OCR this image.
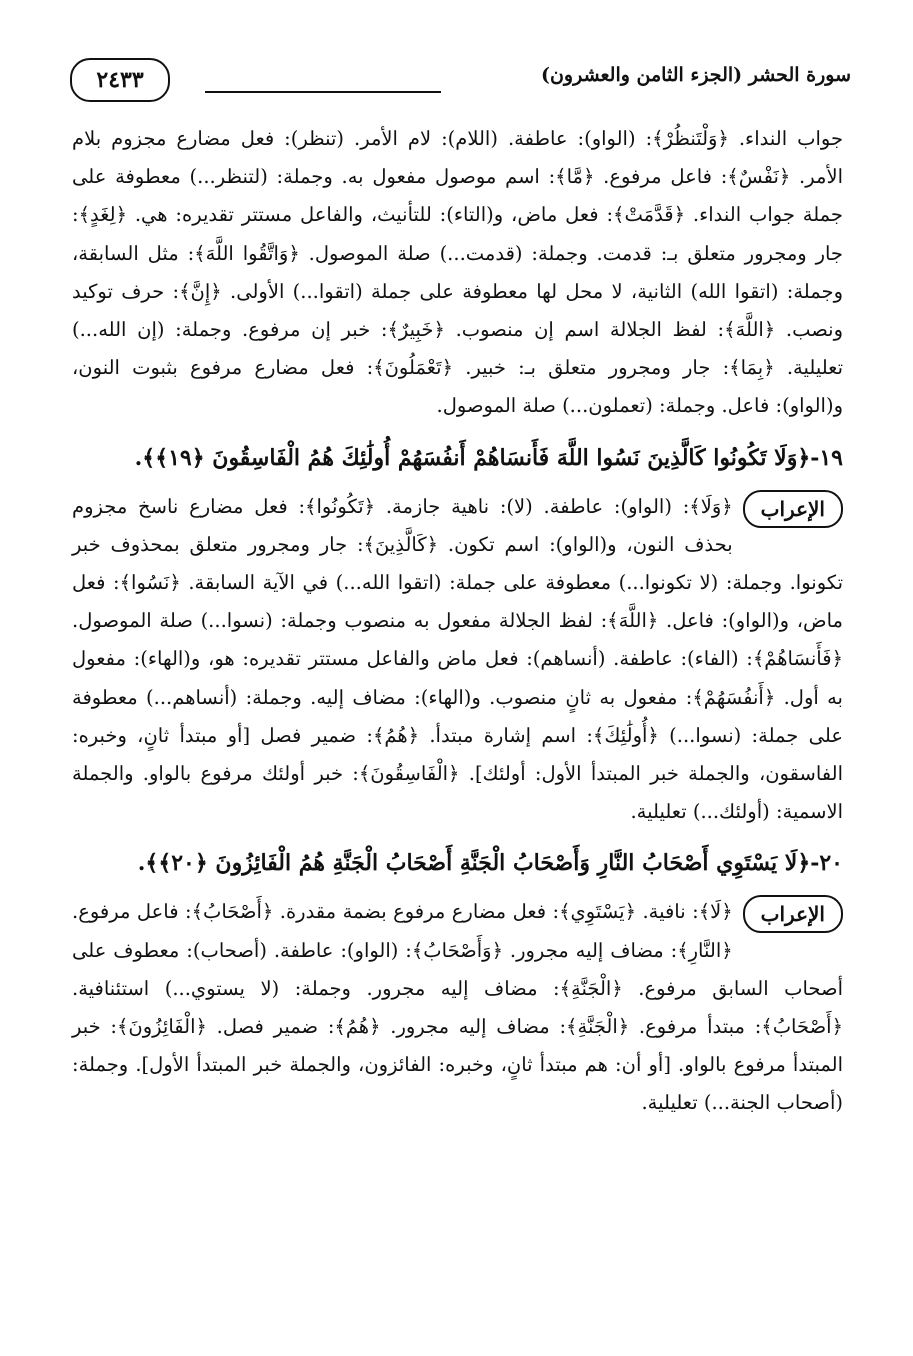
سورة الحشر (الجزء الثامن والعشرون)
٢٤٣٣

جواب النداء. ﴿وَلْتَنظُرْ﴾: (الواو): عاطفة. (اللام): لام الأمر. (تنظر): فعل مضارع مجزوم بلام الأمر. ﴿نَفْسٌ﴾: فاعل مرفوع. ﴿مَّا﴾: اسم موصول مفعول به. وجملة: (لتنظر...) معطوفة على جملة جواب النداء. ﴿قَدَّمَتْ﴾: فعل ماض، و(التاء): للتأنيث، والفاعل مستتر تقديره: هي. ﴿لِغَدٍ﴾: جار ومجرور متعلق بـ: قدمت. وجملة: (قدمت...) صلة الموصول. ﴿وَاتَّقُوا اللَّهَ﴾: مثل السابقة، وجملة: (اتقوا الله) الثانية، لا محل لها معطوفة على جملة (اتقوا...) الأولى. ﴿إِنَّ﴾: حرف توكيد ونصب. ﴿اللَّهَ﴾: لفظ الجلالة اسم إن منصوب. ﴿خَبِيرٌ﴾: خبر إن مرفوع. وجملة: (إن الله...) تعليلية. ﴿بِمَا﴾: جار ومجرور متعلق بـ: خبير. ﴿تَعْمَلُونَ﴾: فعل مضارع مرفوع بثبوت النون، و(الواو): فاعل. وجملة: (تعملون...) صلة الموصول.

١٩-﴿وَلَا تَكُونُوا كَالَّذِينَ نَسُوا اللَّهَ فَأَنسَاهُمْ أَنفُسَهُمْ أُولَٰئِكَ هُمُ الْفَاسِقُونَ ﴿١٩﴾﴾.

الإعراب
﴿وَلَا﴾: (الواو): عاطفة. (لا): ناهية جازمة. ﴿تَكُونُوا﴾: فعل مضارع ناسخ مجزوم بحذف النون، و(الواو): اسم تكون. ﴿كَالَّذِينَ﴾: جار ومجرور متعلق بمحذوف خبر تكونوا. وجملة: (لا تكونوا...) معطوفة على جملة: (اتقوا الله...) في الآية السابقة. ﴿نَسُوا﴾: فعل ماض، و(الواو): فاعل. ﴿اللَّهَ﴾: لفظ الجلالة مفعول به منصوب وجملة: (نسوا...) صلة الموصول. ﴿فَأَنسَاهُمْ﴾: (الفاء): عاطفة. (أنساهم): فعل ماض والفاعل مستتر تقديره: هو، و(الهاء): مفعول به أول. ﴿أَنفُسَهُمْ﴾: مفعول به ثانٍ منصوب. و(الهاء): مضاف إليه. وجملة: (أنساهم...) معطوفة على جملة: (نسوا...) ﴿أُولَٰئِكَ﴾: اسم إشارة مبتدأ. ﴿هُمُ﴾: ضمير فصل [أو مبتدأ ثانٍ، وخبره: الفاسقون، والجملة خبر المبتدأ الأول: أولئك]. ﴿الْفَاسِقُونَ﴾: خبر أولئك مرفوع بالواو. والجملة الاسمية: (أولئك...) تعليلية.

٢٠-﴿لَا يَسْتَوِي أَصْحَابُ النَّارِ وَأَصْحَابُ الْجَنَّةِ أَصْحَابُ الْجَنَّةِ هُمُ الْفَائِزُونَ ﴿٢٠﴾﴾.

الإعراب
﴿لَا﴾: نافية. ﴿يَسْتَوِي﴾: فعل مضارع مرفوع بضمة مقدرة. ﴿أَصْحَابُ﴾: فاعل مرفوع. ﴿النَّارِ﴾: مضاف إليه مجرور. ﴿وَأَصْحَابُ﴾: (الواو): عاطفة. (أصحاب): معطوف على أصحاب السابق مرفوع. ﴿الْجَنَّةِ﴾: مضاف إليه مجرور. وجملة: (لا يستوي...) استئنافية. ﴿أَصْحَابُ﴾: مبتدأ مرفوع. ﴿الْجَنَّةِ﴾: مضاف إليه مجرور. ﴿هُمُ﴾: ضمير فصل. ﴿الْفَائِزُونَ﴾: خبر المبتدأ مرفوع بالواو. [أو أن: هم مبتدأ ثانٍ، وخبره: الفائزون، والجملة خبر المبتدأ الأول]. وجملة: (أصحاب الجنة...) تعليلية.
